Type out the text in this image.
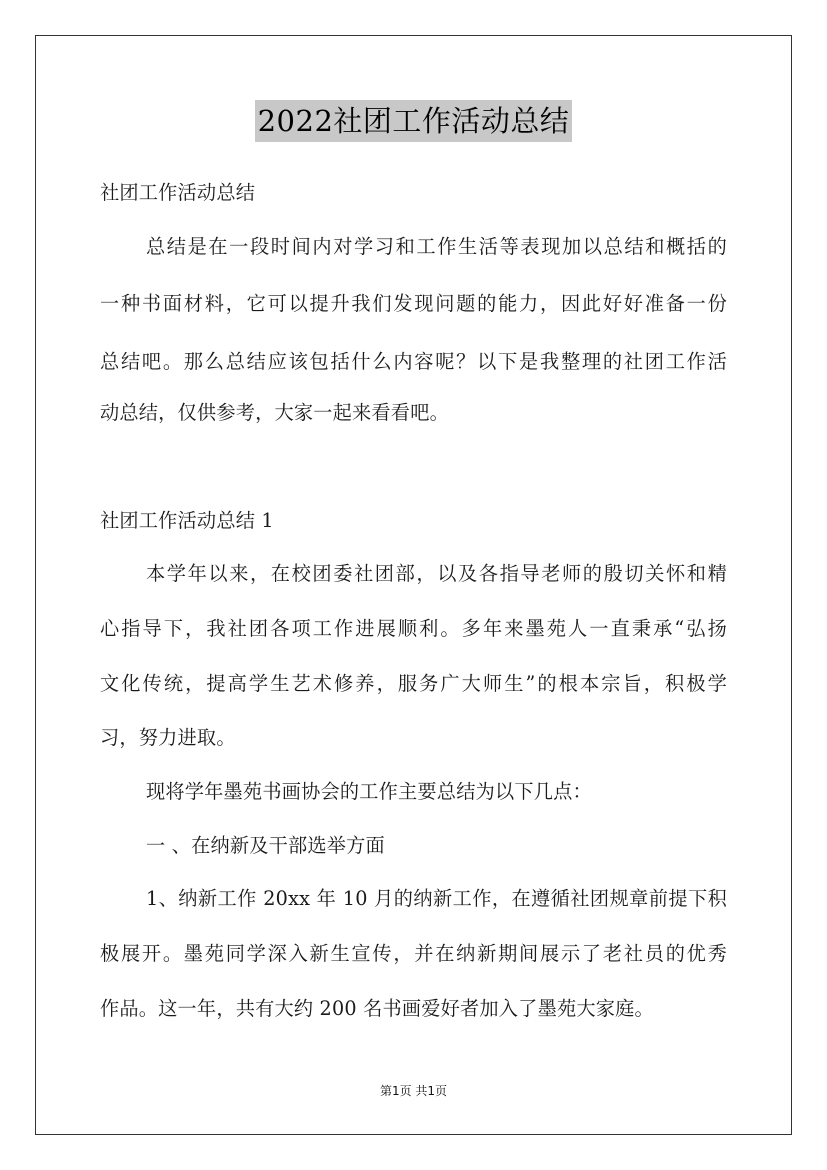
2022社团工作活动总结
社团工作活动总结
总结是在一段时间内对学习和工作生活等表现加以总结和概括的
一种书面材料，它可以提升我们发现问题的能力，因此好好准备一份
总结吧。那么总结应该包括什么内容呢？以下是我整理的社团工作活
动总结，仅供参考，大家一起来看看吧。
社团工作活动总结 1
本学年以来，在校团委社团部，以及各指导老师的殷切关怀和精
心指导下，我社团各项工作进展顺利。多年来墨苑人一直秉承“弘扬
文化传统，提高学生艺术修养，服务广大师生”的根本宗旨，积极学
习，努力进取。
现将学年墨苑书画协会的工作主要总结为以下几点：
一 、在纳新及干部选举方面
1、纳新工作 20xx 年 10 月的纳新工作，在遵循社团规章前提下积
极展开。墨苑同学深入新生宣传，并在纳新期间展示了老社员的优秀
作品。这一年，共有大约 200 名书画爱好者加入了墨苑大家庭。
第1页 共1页
